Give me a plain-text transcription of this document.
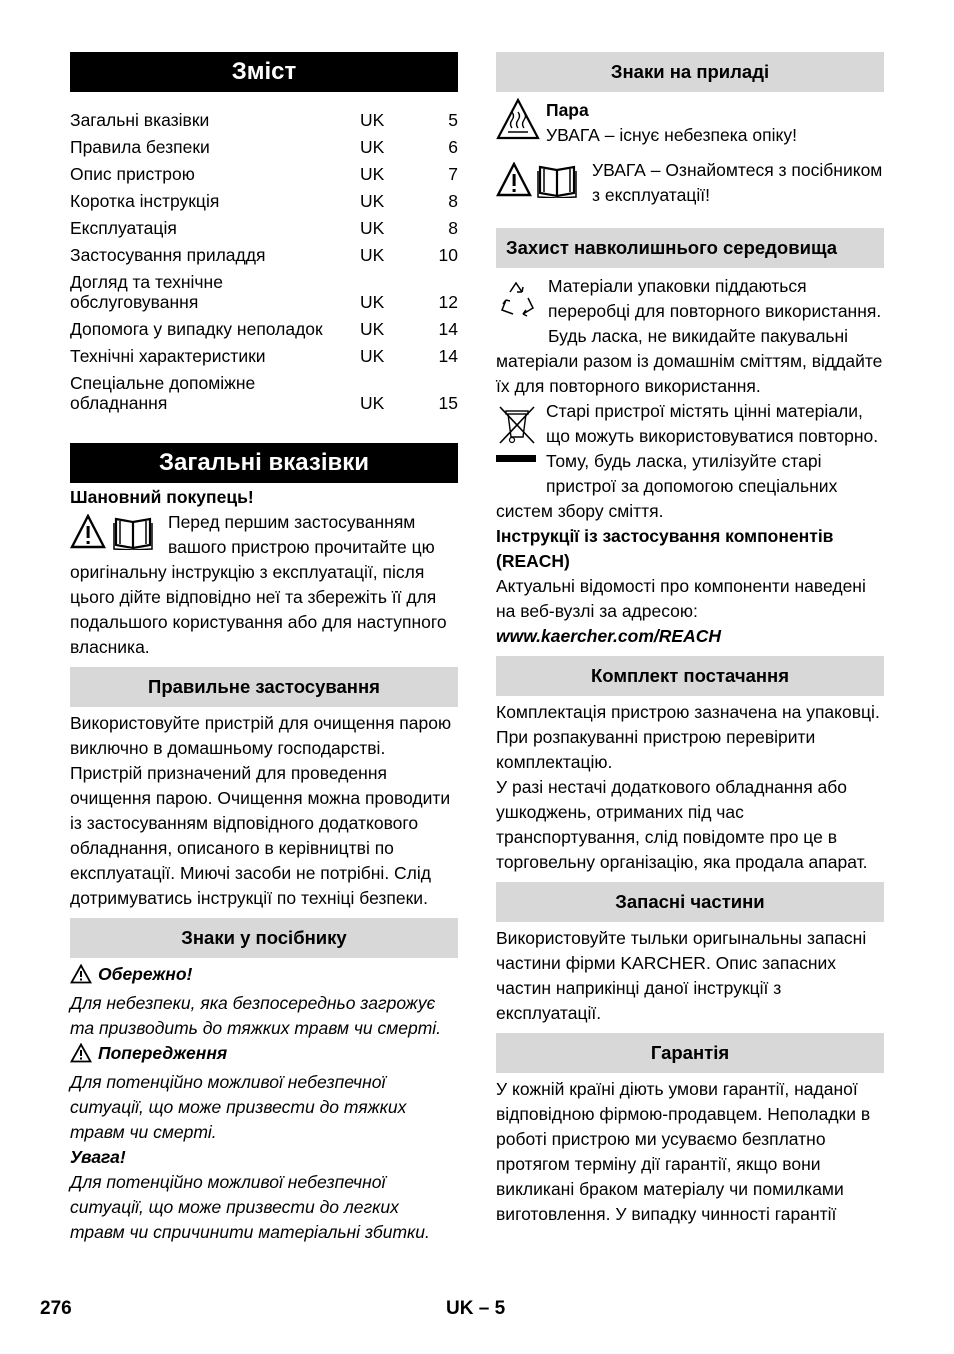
Зміст
Загальні вказівки	UK	5
Правила безпеки	UK	6
Опис пристрою	UK	7
Коротка інструкція	UK	8
Експлуатація	UK	8
Застосування приладдя	UK	10
Догляд та технічне обслуговування	UK	12
Допомога у випадку неполадок	UK	14
Технічні характеристики	UK	14
Спеціальне допоміжне обладнання	UK	15
Загальні вказівки
Шановний покупець!
Перед першим застосуванням вашого пристрою прочитайте цю оригінальну інструкцію з експлуатації, після цього дійте відповідно неї та збережіть її для подальшого користування або для наступного власника.
Правильне застосування
Використовуйте пристрій для очищення парою виключно в домашньому господарстві. Пристрій призначений для проведення очищення парою. Очищення можна проводити із застосуванням відповідного додаткового обладнання, описаного в керівництві по експлуатації. Миючі засоби не потрібні. Слід дотримуватись інструкції по техніці безпеки.
Знаки у посібнику
Обережно!
Для небезпеки, яка безпосередньо загрожує та призводить до тяжких травм чи смерті.
Попередження
Для потенційно можливої небезпечної ситуації, що може призвести до тяжких травм чи смерті.
Увага!
Для потенційно можливої небезпечної ситуації, що може призвести до легких травм чи спричинити матеріальні збитки.
Знаки на приладі
Пара
УВАГА – існує небезпека опіку!
УВАГА – Ознайомтеся з посібником з експлуатації!
Захист навколишнього середовища
Матеріали упаковки піддаються переробці для повторного використання. Будь ласка, не викидайте пакувальні матеріали разом із домашнім сміттям, віддайте їх для повторного використання.
Старі пристрої містять цінні матеріали, що можуть використовуватися повторно. Тому, будь ласка, утилізуйте старі пристрої за допомогою спеціальних систем збору сміття.
Інструкції із застосування компонентів (REACH)
Актуальні відомості про компоненти наведені на веб-вузлі за адресою:
www.kaercher.com/REACH
Комплект постачання
Комплектація пристрою зазначена на упаковці. При розпакуванні пристрою перевірити комплектацію.
У разі нестачі додаткового обладнання або ушкоджень, отриманих під час транспортування, слід повідомте про це в торговельну організацію, яка продала апарат.
Запасні частини
Використовуйте тыльки оригынальны запасні частини фірми KARCHER. Опис запасних частин наприкінці даної інструкції з експлуатації.
Гарантія
У кожній країні діють умови гарантії, наданої відповідною фірмою-продавцем. Неполадки в роботі пристрою ми усуваємо безплатно протягом терміну дії гарантії, якщо вони викликані браком матеріалу чи помилками виготовлення. У випадку чинності гарантії
276	UK – 5
